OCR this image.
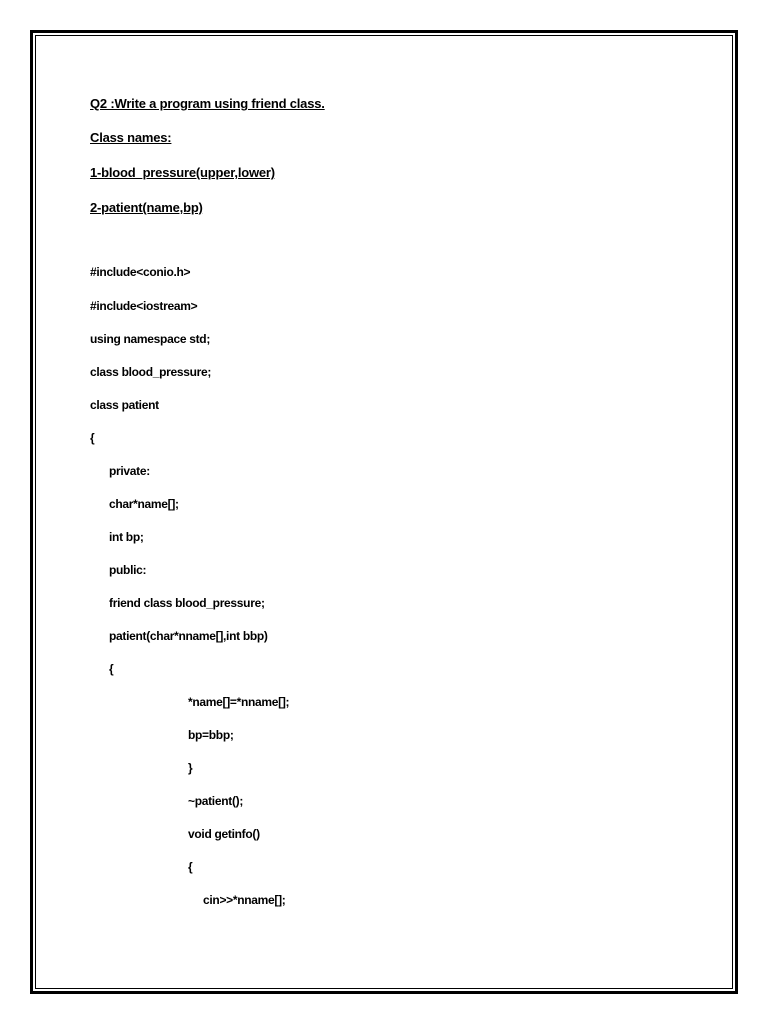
Q2 :Write a program using friend class.
Class names:
1-blood_pressure(upper,lower)
2-patient(name,bp)
#include<conio.h>
#include<iostream>
using namespace std;
class blood_pressure;
class patient
{
private:
char*name[];
int bp;
public:
friend class blood_pressure;
patient(char*nname[],int bbp)
{
*name[]=*nname[];
bp=bbp;
}
~patient();
void getinfo()
{
cin>>*nname[];
